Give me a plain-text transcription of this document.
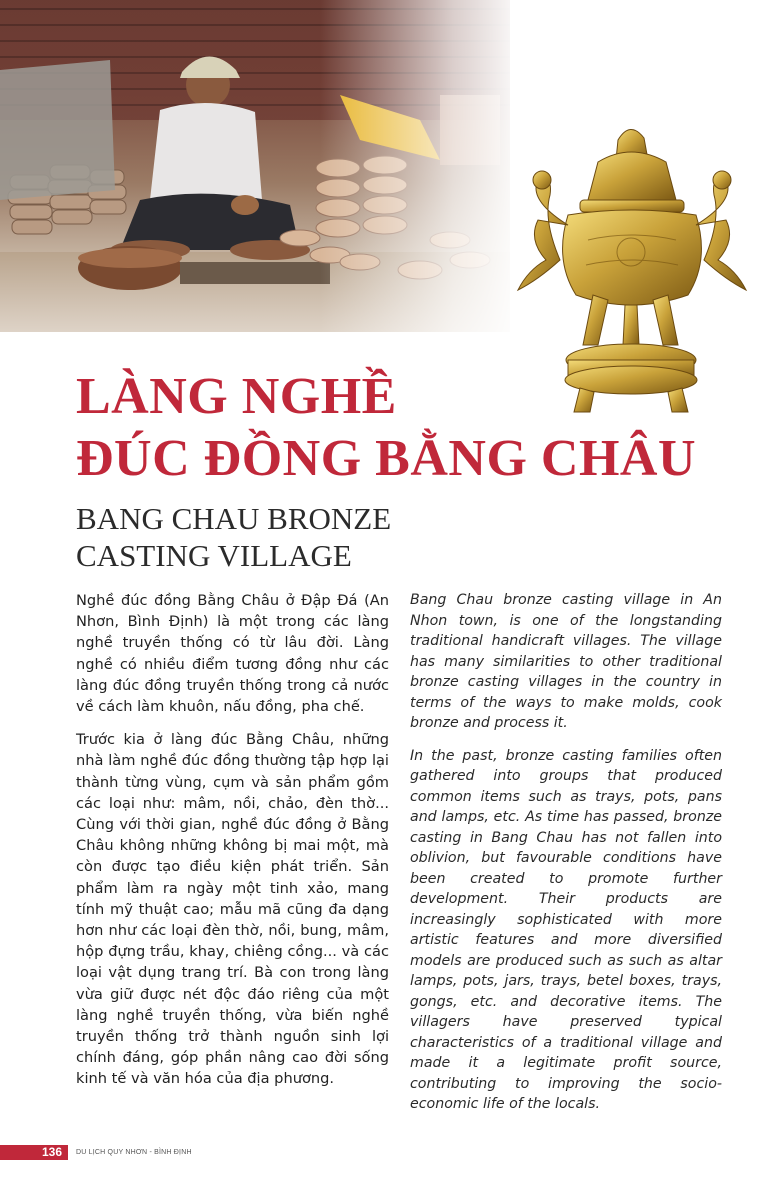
LÀNG NGHỀ
ĐÚC ĐỒNG BẰNG CHÂU
BANG CHAU BRONZE
CASTING VILLAGE

Nghề đúc đồng Bằng Châu ở Đập Đá (An Nhơn, Bình Định) là một trong các làng nghề truyền thống có từ lâu đời. Làng nghề có nhiều điểm tương đồng như các làng đúc đồng truyền thống trong cả nước về cách làm khuôn, nấu đồng, pha chế.

Trước kia ở làng đúc Bằng Châu, những nhà làm nghề đúc đồng thường tập hợp lại thành từng vùng, cụm và sản phẩm gồm các loại như: mâm, nồi, chảo, đèn thờ... Cùng với thời gian, nghề đúc đồng ở Bằng Châu không những không bị mai một, mà còn được tạo điều kiện phát triển. Sản phẩm làm ra ngày một tinh xảo, mang tính mỹ thuật cao; mẫu mã cũng đa dạng hơn như các loại đèn thờ, nồi, bung, mâm, hộp đựng trầu, khay, chiêng cồng... và các loại vật dụng trang trí. Bà con trong làng vừa giữ được nét độc đáo riêng của một làng nghề truyền thống, vừa biến nghề truyền thống trở thành nguồn sinh lợi chính đáng, góp phần nâng cao đời sống kinh tế và văn hóa của địa phương.

Bang Chau bronze casting village in An Nhon town, is one of the longstanding traditional handicraft villages. The village has many similarities to other traditional bronze casting villages in the country in terms of the ways to make molds, cook bronze and process it.

In the past, bronze casting families often gathered into groups that produced common items such as trays, pots, pans and lamps, etc. As time has passed, bronze casting in Bang Chau has not fallen into oblivion, but favourable conditions have been created to promote further development. Their products are increasingly sophisticated with more artistic features and more diversified models are produced such as such as altar lamps, pots, jars, trays, betel boxes, trays, gongs, etc. and decorative items. The villagers have preserved typical characteristics of a traditional village and made it a legitimate profit source, contributing to improving the socio-economic life of the locals.

136 DU LỊCH QUY NHƠN - BÌNH ĐỊNH
